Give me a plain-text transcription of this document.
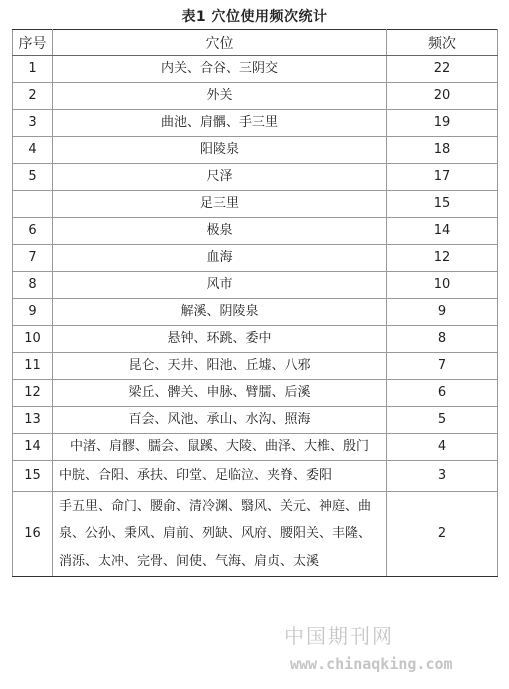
表1 穴位使用频次统计
序号	穴位	频次
1	内关、合谷、三阴交	22
2	外关	20
3	曲池、肩髃、手三里	19
4	阳陵泉	18
5	尺泽	17
	足三里	15
6	极泉	14
7	血海	12
8	风市	10
9	解溪、阴陵泉	9
10	悬钟、环跳、委中	8
11	昆仑、天井、阳池、丘墟、八邪	7
12	梁丘、髀关、申脉、臂臑、后溪	6
13	百会、风池、承山、水沟、照海	5
14	中渚、肩髎、臑会、鼠蹊、大陵、曲泽、大椎、殷门	4
15	中脘、合阳、承扶、印堂、足临泣、夹脊、委阳	3
16	手五里、命门、腰俞、清冷渊、翳风、关元、神庭、曲泉、公孙、秉风、肩前、列缺、风府、腰阳关、丰隆、消泺、太冲、完骨、间使、气海、肩贞、太溪	2
中国期刊网
www.chinaqking.com
